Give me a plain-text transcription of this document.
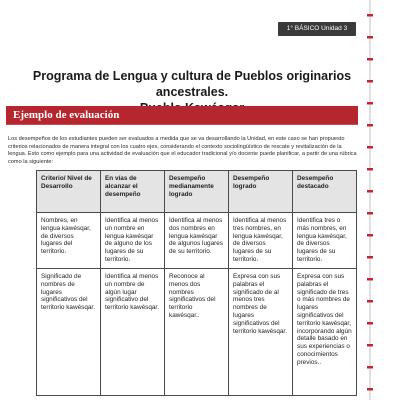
1° BÁSICO Unidad 3
Programa de Lengua y cultura de Pueblos originarios ancestrales.
Ejemplo de evaluación

Los desempeños de los estudiantes pueden ser evaluados a medida que se va desarrollando la Unidad, en este caso se han propuesto criterios relacionados de manera integral con los cuatro ejes, considerando el contexto sociolingüístico de rescate y revitalización de la lengua. Esto como ejemplo para una actividad de evaluación que el educador tradicional y/o docente puede planificar, a partir de una rúbrica como la siguiente:

Criterio/ Nivel de Desarrollo	En vías de alcanzar el desempeño	Desempeño medianamente logrado	Desempeño logrado	Desempeño destacado
Nombres, en lengua kawésqar, de diversos lugares del territorio.	Identifica al menos un nombre en lengua kawésqar de alguno de los lugares de su territorio.	Identifica al menos dos nombres en lengua kawésqar de algunos lugares de su territorio.	Identifica al menos tres nombres, en lengua kawésqar, de diversos lugares de su territorio.	Identifica tres o más nombres, en lengua kawésqar, de diversos lugares de su territorio.
Significado de nombres de lugares significativos del territorio kawésqar.	Identifica al menos un nombre de algún lugar significativo del territorio kawésqar.	Reconoce al menos dos nombres significativos del territorio kawésqar..	Expresa con sus palabras el significado de al menos tres nombres de lugares significativos del territorio kawésqar.	Expresa con sus palabras el significado de tres o más nombres de lugares significativos del territorio kawésqar, incorporando algún detalle basado en sus experiencias o conocimientos previos..
